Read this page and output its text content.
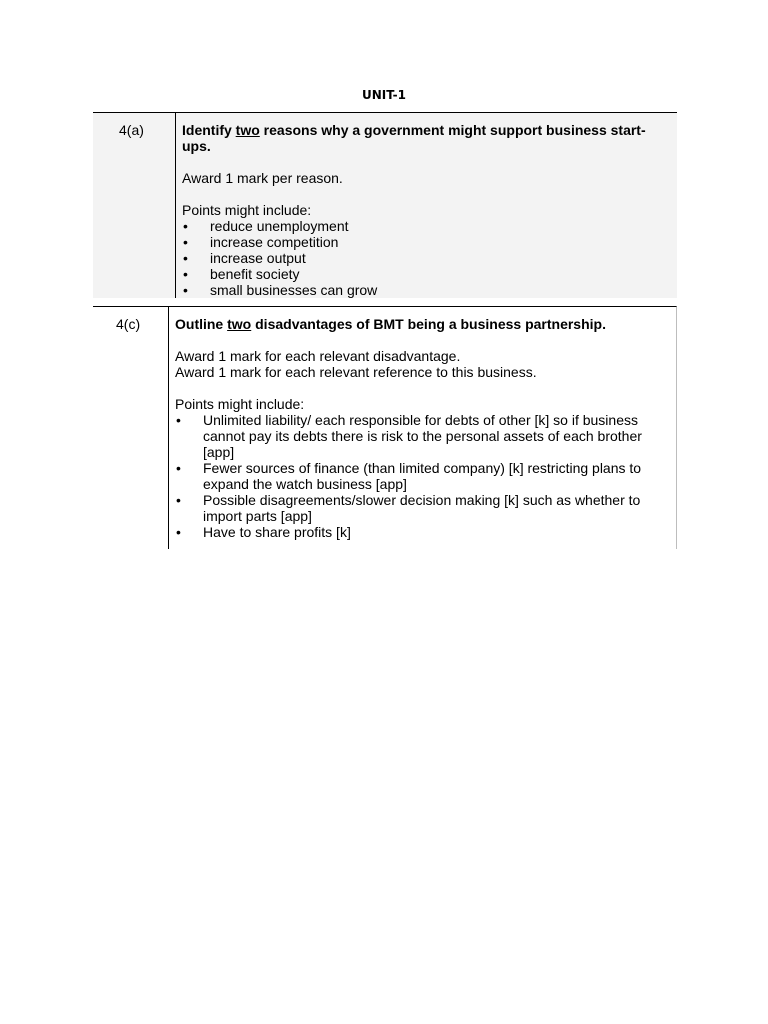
UNIT-1
4(a)	Identify two reasons why a government might support business start-ups.

Award 1 mark per reason.

Points might include:

• reduce unemployment
• increase competition
• increase output
• benefit society
• small businesses can grow
4(c) Outline two disadvantages of BMT being a business partnership.

Award 1 mark for each relevant disadvantage.

Award 1 mark for each relevant reference to this business.

Points might include:

• Unlimited liability/ each responsible for debts of other [k] so if business cannot pay its debts there is risk to the personal assets of each brother [app]
• Fewer sources of finance (than limited company) [k] restricting plans to expand the watch business [app]
• Possible disagreements/slower decision making [k] such as whether to import parts [app]
• Have to share profits [k]
